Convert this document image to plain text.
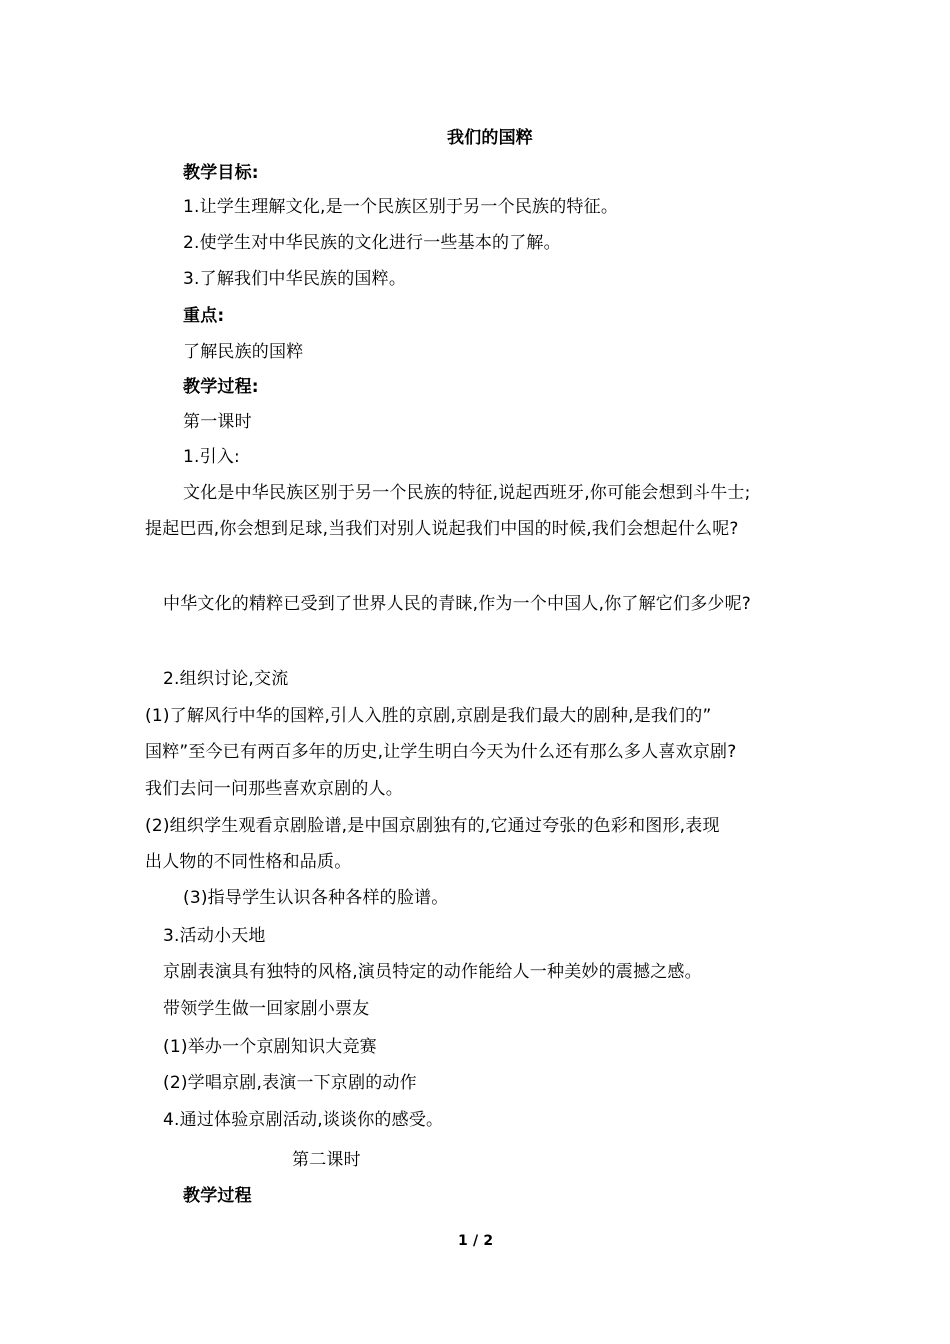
我们的国粹
教学目标:
1.让学生理解文化,是一个民族区别于另一个民族的特征。
2.使学生对中华民族的文化进行一些基本的了解。
3.了解我们中华民族的国粹。
重点:
了解民族的国粹
教学过程:
第一课时
1.引入:
文化是中华民族区别于另一个民族的特征,说起西班牙,你可能会想到斗牛士;
提起巴西,你会想到足球,当我们对别人说起我们中国的时候,我们会想起什么呢?
中华文化的精粹已受到了世界人民的青睐,作为一个中国人,你了解它们多少呢?
2.组织讨论,交流
(1)了解风行中华的国粹,引人入胜的京剧,京剧是我们最大的剧种,是我们的”
国粹”至今已有两百多年的历史,让学生明白今天为什么还有那么多人喜欢京剧?
我们去问一问那些喜欢京剧的人。
(2)组织学生观看京剧脸谱,是中国京剧独有的,它通过夸张的色彩和图形,表现
出人物的不同性格和品质。
(3)指导学生认识各种各样的脸谱。
3.活动小天地
京剧表演具有独特的风格,演员特定的动作能给人一种美妙的震撼之感。
带领学生做一回家剧小票友
(1)举办一个京剧知识大竞赛
(2)学唱京剧,表演一下京剧的动作
4.通过体验京剧活动,谈谈你的感受。
第二课时
教学过程
1 / 2
